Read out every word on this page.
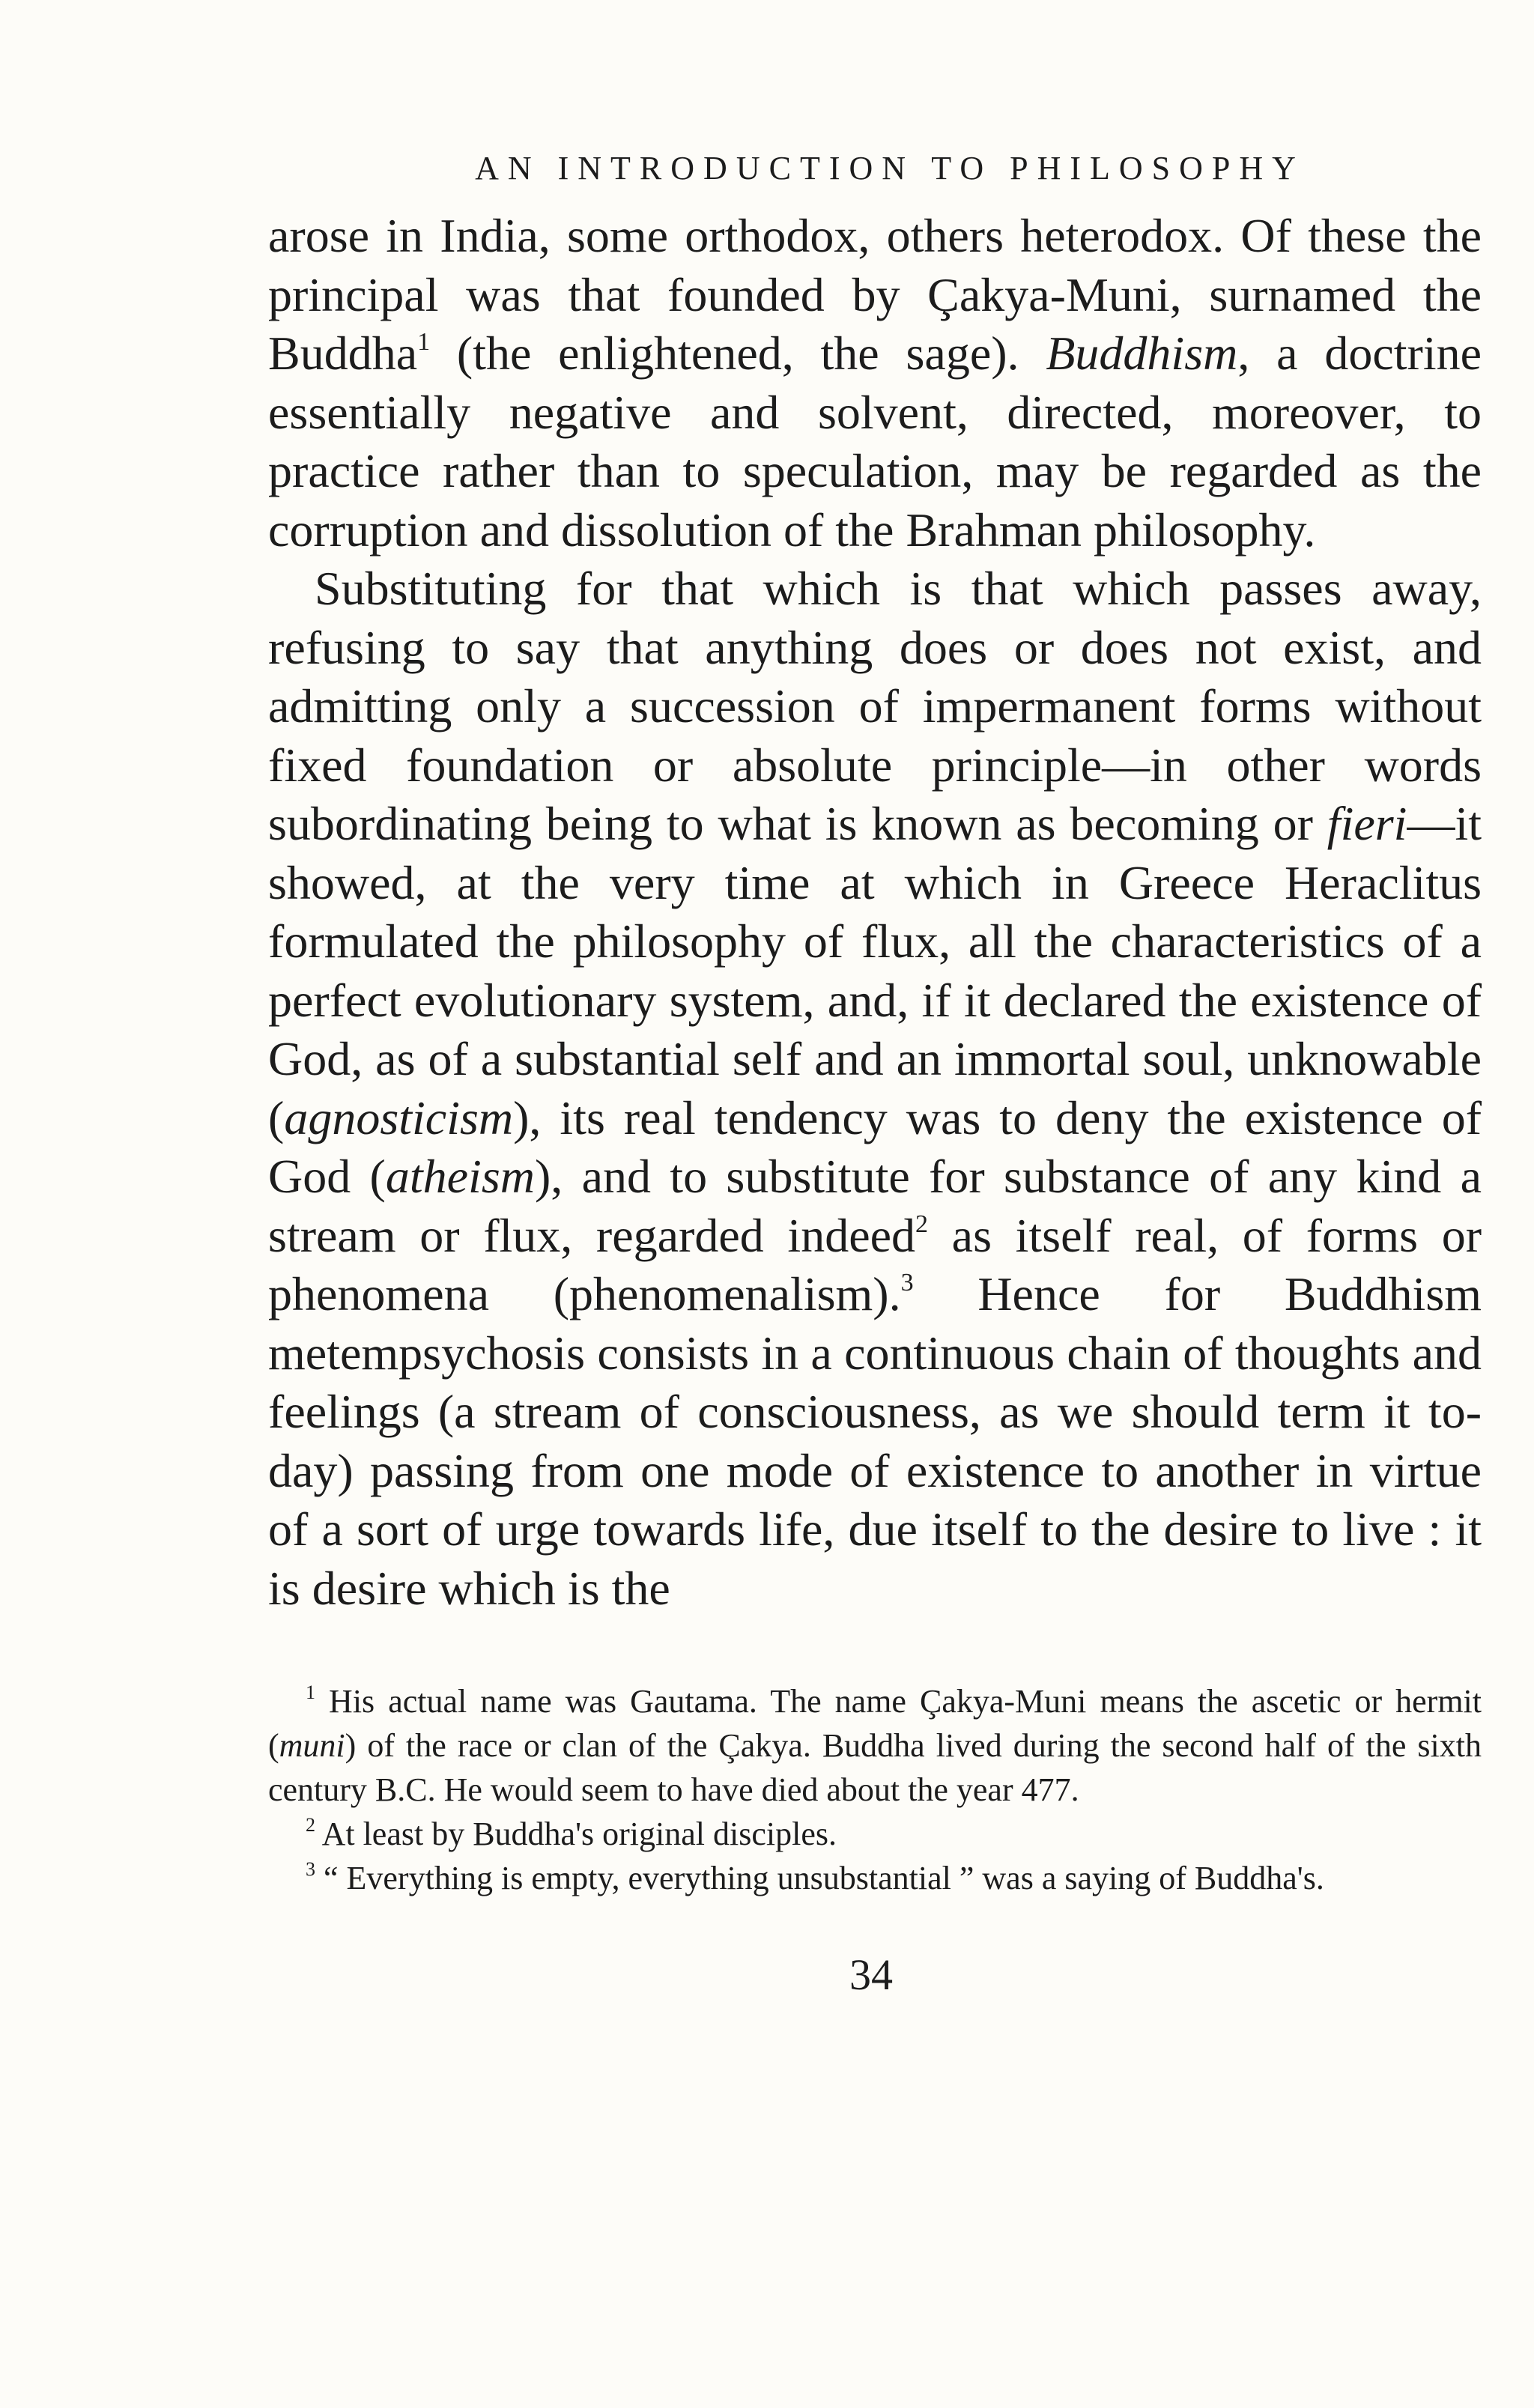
AN INTRODUCTION TO PHILOSOPHY

arose in India, some orthodox, others heterodox. Of these the principal was that founded by Çakya-Muni, surnamed the Buddha$^1$ (the enlightened, the sage). Buddhism, a doctrine essentially negative and solvent, directed, moreover, to practice rather than to speculation, may be regarded as the corruption and dissolution of the Brahman philosophy.

Substituting for that which is that which passes away, refusing to say that anything does or does not exist, and admitting only a succession of impermanent forms without fixed foundation or absolute principle—in other words subordinating being to what is known as becoming or fieri—it showed, at the very time at which in Greece Heraclitus formulated the philosophy of flux, all the characteristics of a perfect evolutionary system, and, if it declared the existence of God, as of a substantial self and an immortal soul, unknowable (agnosticism), its real tendency was to deny the existence of God (atheism), and to substitute for substance of any kind a stream or flux, regarded indeed$^2$ as itself real, of forms or phenomena (phenomenalism).$^3$ Hence for Buddhism metempsychosis consists in a continuous chain of thoughts and feelings (a stream of consciousness, as we should term it to-day) passing from one mode of existence to another in virtue of a sort of urge towards life, due itself to the desire to live : it is desire which is the

$^1$ His actual name was Gautama. The name Çakya-Muni means the ascetic or hermit (muni) of the race or clan of the Çakya. Buddha lived during the second half of the sixth century B.C. He would seem to have died about the year 477.

$^2$ At least by Buddha's original disciples.

$^3$ “ Everything is empty, everything unsubstantial ” was a saying of Buddha's.

34
